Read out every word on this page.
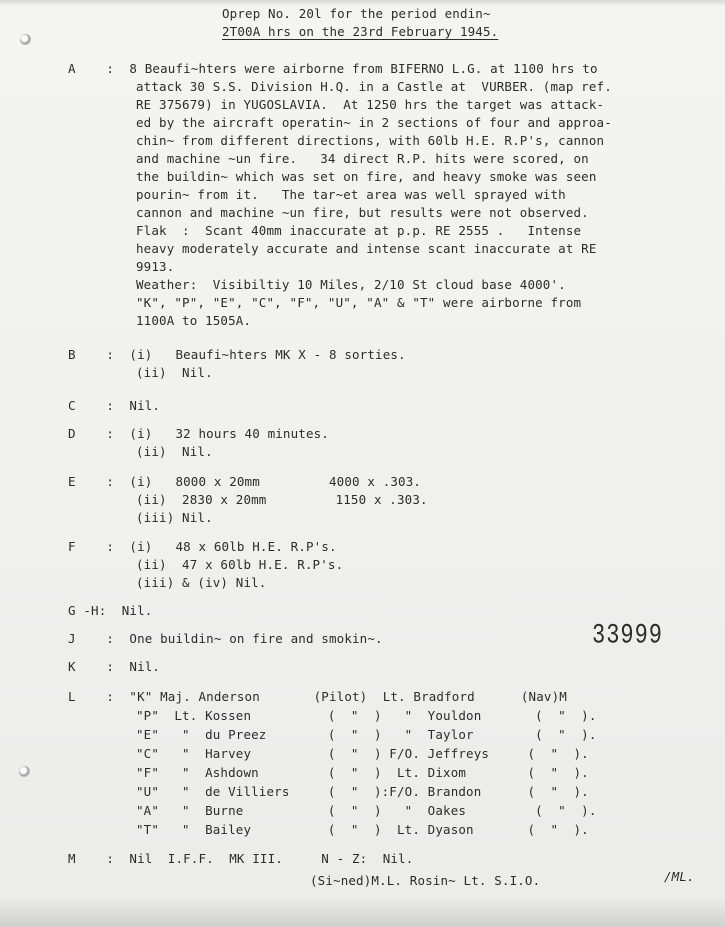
Oprep No. 20l for the period endin~
2T00A hrs on the 23rd February 1945.
A    :  8 Beaufi~hters were airborne from BIFERNO L.G. at 1100 hrs to
attack 30 S.S. Division H.Q. in a Castle at  VURBER. (map ref.
RE 375679) in YUGOSLAVIA.  At 1250 hrs the target was attack-
ed by the aircraft operatin~ in 2 sections of four and approa-
chin~ from different directions, with 60lb H.E. R.P's, cannon
and machine ~un fire.   34 direct R.P. hits were scored, on
the buildin~ which was set on fire, and heavy smoke was seen
pourin~ from it.   The tar~et area was well sprayed with
cannon and machine ~un fire, but results were not observed.
Flak  :  Scant 40mm inaccurate at p.p. RE 2555 .   Intense
heavy moderately accurate and intense scant inaccurate at RE
9913.
Weather:  Visibiltiy 10 Miles, 2/10 St cloud base 4000'.
"K", "P", "E", "C", "F", "U", "A" & "T" were airborne from
1100A to 1505A.
B    :  (i)   Beaufi~hters MK X - 8 sorties.
(ii)  Nil.
C    :  Nil.
D    :  (i)   32 hours 40 minutes.
(ii)  Nil.
E    :  (i)   8000 x 20mm         4000 x .303.
(ii)  2830 x 20mm         1150 x .303.
(iii) Nil.
F    :  (i)   48 x 60lb H.E. R.P's.
(ii)  47 x 60lb H.E. R.P's.
(iii) & (iv) Nil.
G -H:  Nil.
J    :  One buildin~ on fire and smokin~.
K    :  Nil.
L    :  "K" Maj. Anderson       (Pilot)  Lt. Bradford      (Nav)M
"P"  Lt. Kossen          (  "  )   "  Youldon       (  "  ).
"E"   "  du Preez        (  "  )   "  Taylor        (  "  ).
"C"   "  Harvey          (  "  ) F/O. Jeffreys     (  "  ).
"F"   "  Ashdown         (  "  )  Lt. Dixom        (  "  ).
"U"   "  de Villiers     (  "  ):F/O. Brandon      (  "  ).
"A"   "  Burne           (  "  )   "  Oakes         (  "  ).
"T"   "  Bailey          (  "  )  Lt. Dyason       (  "  ).
M    :  Nil  I.F.F.  MK III.     N - Z:  Nil.
33999
(Si~ned)M.L. Rosin~ Lt. S.I.O.	/ML.
